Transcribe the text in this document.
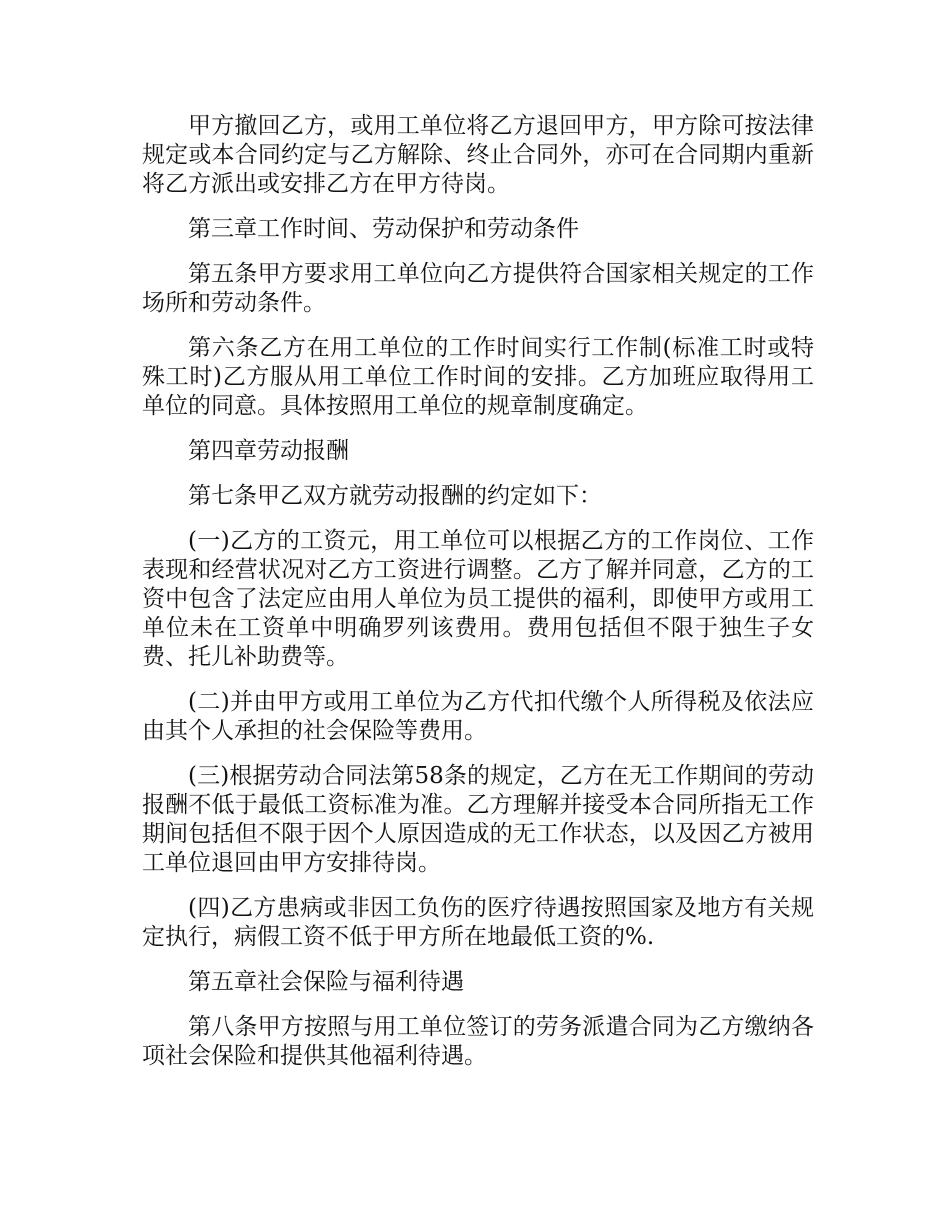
甲方撤回乙方，或用工单位将乙方退回甲方，甲方除可按法律规定或本合同约定与乙方解除、终止合同外，亦可在合同期内重新将乙方派出或安排乙方在甲方待岗。

第三章工作时间、劳动保护和劳动条件

第五条甲方要求用工单位向乙方提供符合国家相关规定的工作场所和劳动条件。

第六条乙方在用工单位的工作时间实行工作制(标准工时或特殊工时)乙方服从用工单位工作时间的安排。乙方加班应取得用工单位的同意。具体按照用工单位的规章制度确定。

第四章劳动报酬

第七条甲乙双方就劳动报酬的约定如下：

(一)乙方的工资元，用工单位可以根据乙方的工作岗位、工作表现和经营状况对乙方工资进行调整。乙方了解并同意，乙方的工资中包含了法定应由用人单位为员工提供的福利，即使甲方或用工单位未在工资单中明确罗列该费用。费用包括但不限于独生子女费、托儿补助费等。

(二)并由甲方或用工单位为乙方代扣代缴个人所得税及依法应由其个人承担的社会保险等费用。

(三)根据劳动合同法第58条的规定，乙方在无工作期间的劳动报酬不低于最低工资标准为准。乙方理解并接受本合同所指无工作期间包括但不限于因个人原因造成的无工作状态，以及因乙方被用工单位退回由甲方安排待岗。

(四)乙方患病或非因工负伤的医疗待遇按照国家及地方有关规定执行，病假工资不低于甲方所在地最低工资的%.

第五章社会保险与福利待遇

第八条甲方按照与用工单位签订的劳务派遣合同为乙方缴纳各项社会保险和提供其他福利待遇。
